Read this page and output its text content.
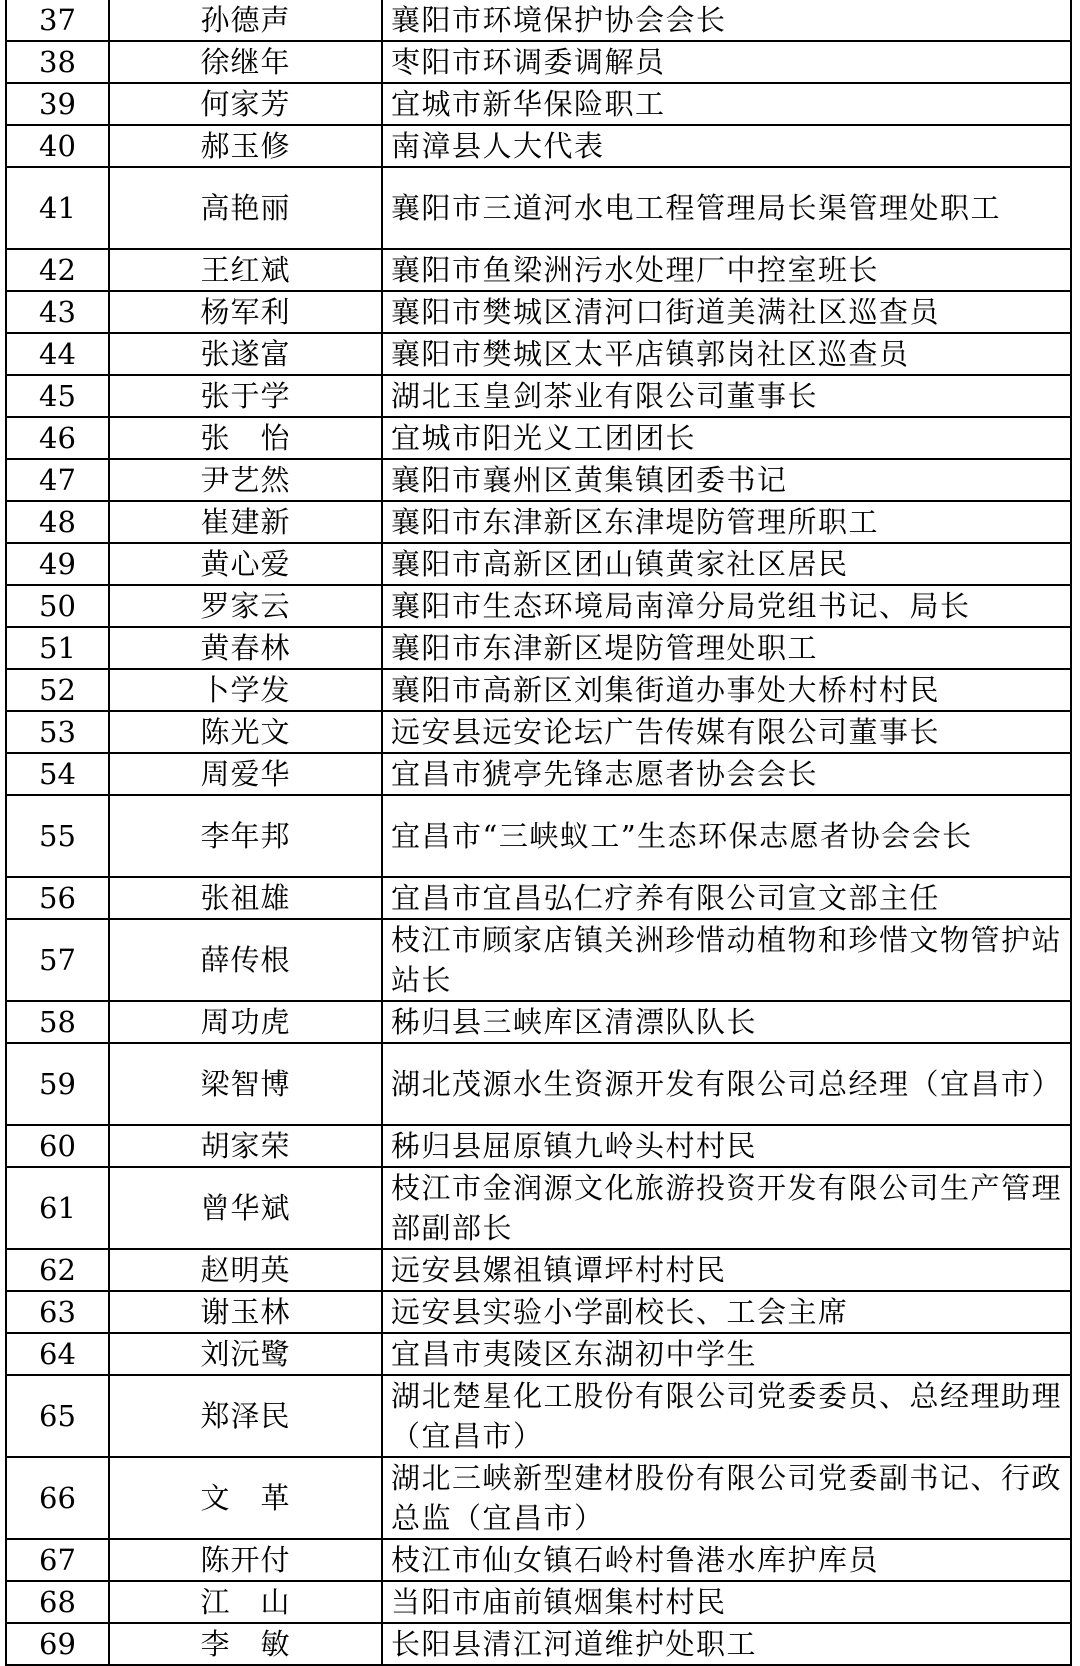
37	孙德声	襄阳市环境保护协会会长
38	徐继年	枣阳市环调委调解员
39	何家芳	宜城市新华保险职工
40	郝玉修	南漳县人大代表
41	高艳丽	襄阳市三道河水电工程管理局长渠管理处职工
42	王红斌	襄阳市鱼梁洲污水处理厂中控室班长
43	杨军利	襄阳市樊城区清河口街道美满社区巡查员
44	张遂富	襄阳市樊城区太平店镇郭岗社区巡查员
45	张于学	湖北玉皇剑茶业有限公司董事长
46	张　怡	宜城市阳光义工团团长
47	尹艺然	襄阳市襄州区黄集镇团委书记
48	崔建新	襄阳市东津新区东津堤防管理所职工
49	黄心爱	襄阳市高新区团山镇黄家社区居民
50	罗家云	襄阳市生态环境局南漳分局党组书记、局长
51	黄春林	襄阳市东津新区堤防管理处职工
52	卜学发	襄阳市高新区刘集街道办事处大桥村村民
53	陈光文	远安县远安论坛广告传媒有限公司董事长
54	周爱华	宜昌市猇亭先锋志愿者协会会长
55	李年邦	宜昌市“三峡蚁工”生态环保志愿者协会会长
56	张祖雄	宜昌市宜昌弘仁疗养有限公司宣文部主任
57	薛传根	枝江市顾家店镇关洲珍惜动植物和珍惜文物管护站站长
58	周功虎	秭归县三峡库区清漂队队长
59	梁智博	湖北茂源水生资源开发有限公司总经理（宜昌市）
60	胡家荣	秭归县屈原镇九岭头村村民
61	曾华斌	枝江市金润源文化旅游投资开发有限公司生产管理部副部长
62	赵明英	远安县嫘祖镇谭坪村村民
63	谢玉林	远安县实验小学副校长、工会主席
64	刘沅鹭	宜昌市夷陵区东湖初中学生
65	郑泽民	湖北楚星化工股份有限公司党委委员、总经理助理（宜昌市）
66	文　革	湖北三峡新型建材股份有限公司党委副书记、行政总监（宜昌市）
67	陈开付	枝江市仙女镇石岭村鲁港水库护库员
68	江　山	当阳市庙前镇烟集村村民
69	李　敏	长阳县清江河道维护处职工
